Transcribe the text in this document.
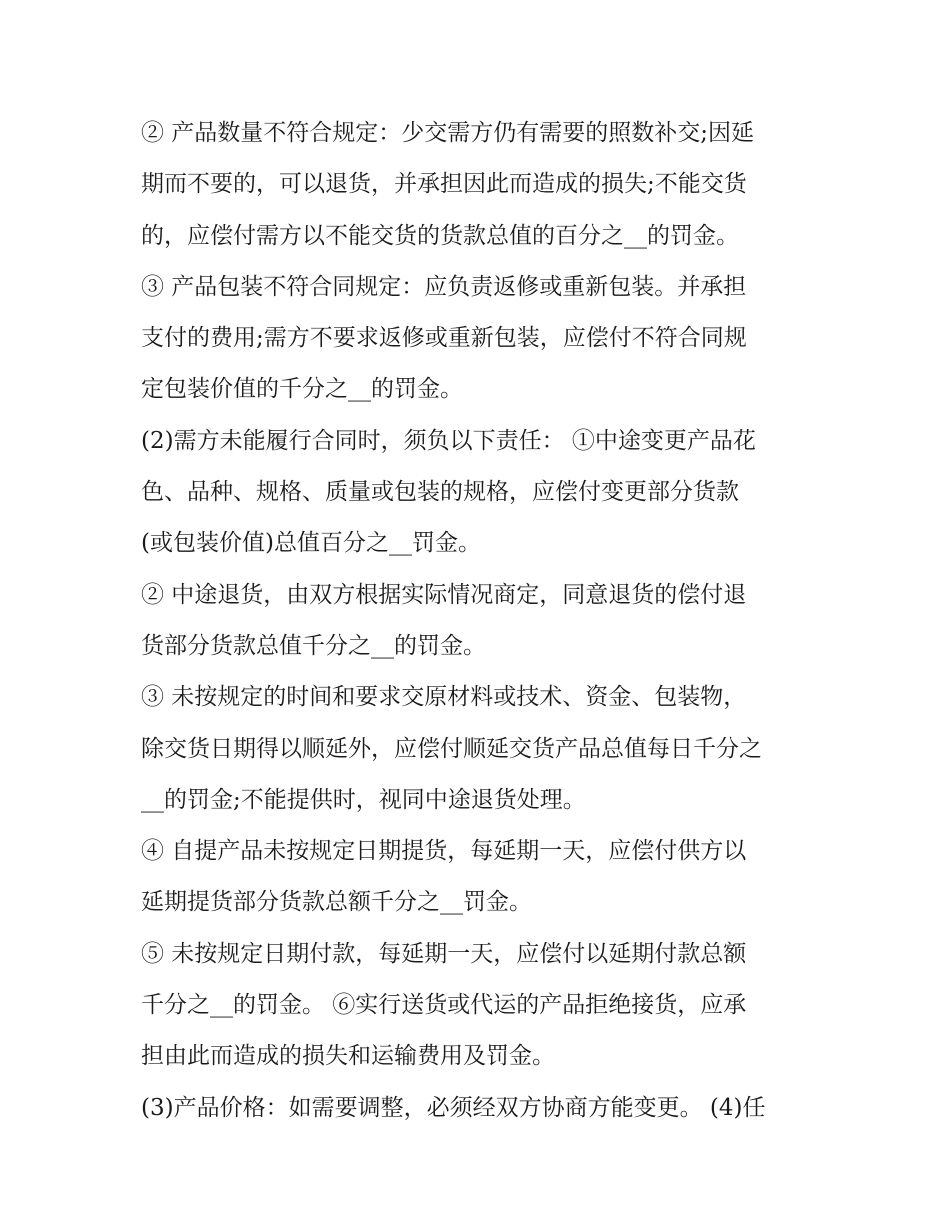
② 产品数量不符合规定：少交需方仍有需要的照数补交;因延
期而不要的，可以退货，并承担因此而造成的损失;不能交货
的，应偿付需方以不能交货的货款总值的百分之__的罚金。
③ 产品包装不符合同规定：应负责返修或重新包装。并承担
支付的费用;需方不要求返修或重新包装，应偿付不符合同规
定包装价值的千分之__的罚金。
(2)需方未能履行合同时，须负以下责任： ①中途变更产品花
色、品种、规格、质量或包装的规格，应偿付变更部分货款
(或包装价值)总值百分之__罚金。
② 中途退货，由双方根据实际情况商定，同意退货的偿付退
货部分货款总值千分之__的罚金。
③ 未按规定的时间和要求交原材料或技术、资金、包装物，
除交货日期得以顺延外，应偿付顺延交货产品总值每日千分之
__的罚金;不能提供时，视同中途退货处理。
④ 自提产品未按规定日期提货，每延期一天，应偿付供方以
延期提货部分货款总额千分之__罚金。
⑤ 未按规定日期付款，每延期一天，应偿付以延期付款总额
千分之__的罚金。 ⑥实行送货或代运的产品拒绝接货，应承
担由此而造成的损失和运输费用及罚金。
(3)产品价格：如需要调整，必须经双方协商方能变更。 (4)任
